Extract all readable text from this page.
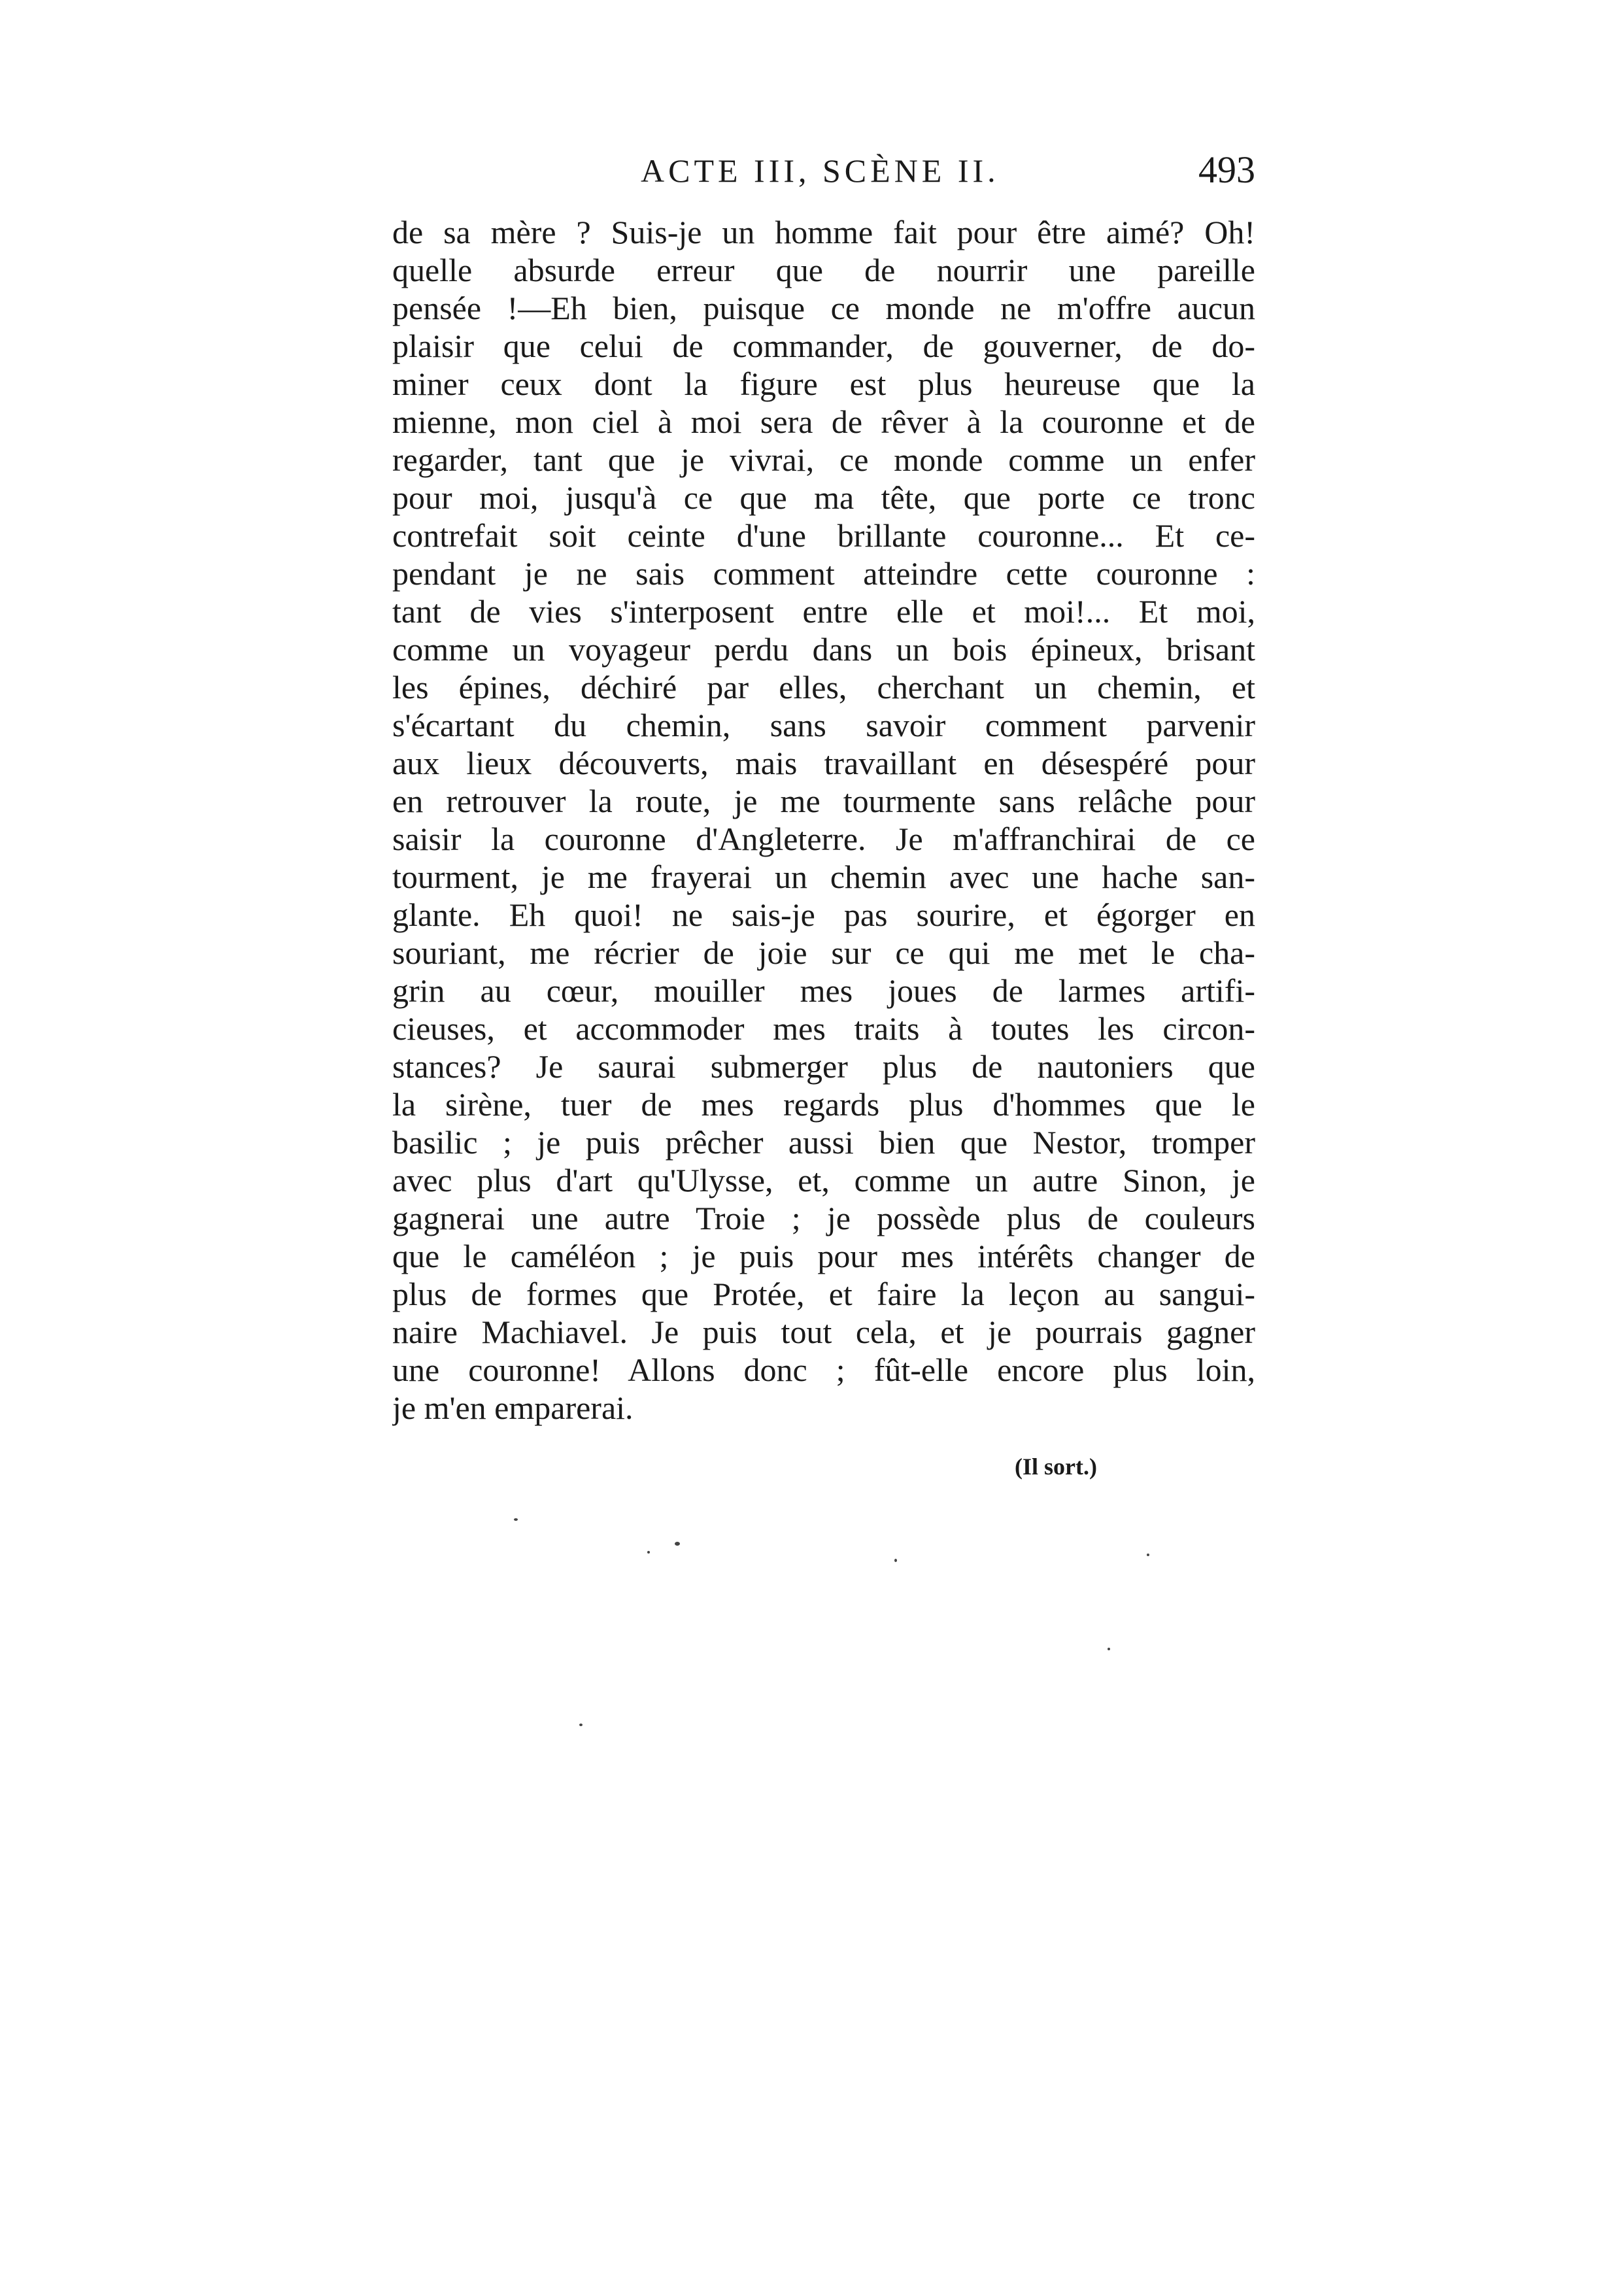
ACTE III, SCÈNE II.	493
de sa mère ? Suis-je un homme fait pour être aimé? Oh!
quelle absurde erreur que de nourrir une pareille
pensée !—Eh bien, puisque ce monde ne m'offre aucun
plaisir que celui de commander, de gouverner, de do-
miner ceux dont la figure est plus heureuse que la
mienne, mon ciel à moi sera de rêver à la couronne et de
regarder, tant que je vivrai, ce monde comme un enfer
pour moi, jusqu'à ce que ma tête, que porte ce tronc
contrefait soit ceinte d'une brillante couronne... Et ce-
pendant je ne sais comment atteindre cette couronne :
tant de vies s'interposent entre elle et moi!... Et moi,
comme un voyageur perdu dans un bois épineux, brisant
les épines, déchiré par elles, cherchant un chemin, et
s'écartant du chemin, sans savoir comment parvenir
aux lieux découverts, mais travaillant en désespéré pour
en retrouver la route, je me tourmente sans relâche pour
saisir la couronne d'Angleterre. Je m'affranchirai de ce
tourment, je me frayerai un chemin avec une hache san-
glante. Eh quoi! ne sais-je pas sourire, et égorger en
souriant, me récrier de joie sur ce qui me met le cha-
grin au cœur, mouiller mes joues de larmes artifi-
cieuses, et accommoder mes traits à toutes les circon-
stances? Je saurai submerger plus de nautoniers que
la sirène, tuer de mes regards plus d'hommes que le
basilic ; je puis prêcher aussi bien que Nestor, tromper
avec plus d'art qu'Ulysse, et, comme un autre Sinon, je
gagnerai une autre Troie ; je possède plus de couleurs
que le caméléon ; je puis pour mes intérêts changer de
plus de formes que Protée, et faire la leçon au sangui-
naire Machiavel. Je puis tout cela, et je pourrais gagner
une couronne! Allons donc ; fût-elle encore plus loin,
je m'en emparerai.
(Il sort.)
